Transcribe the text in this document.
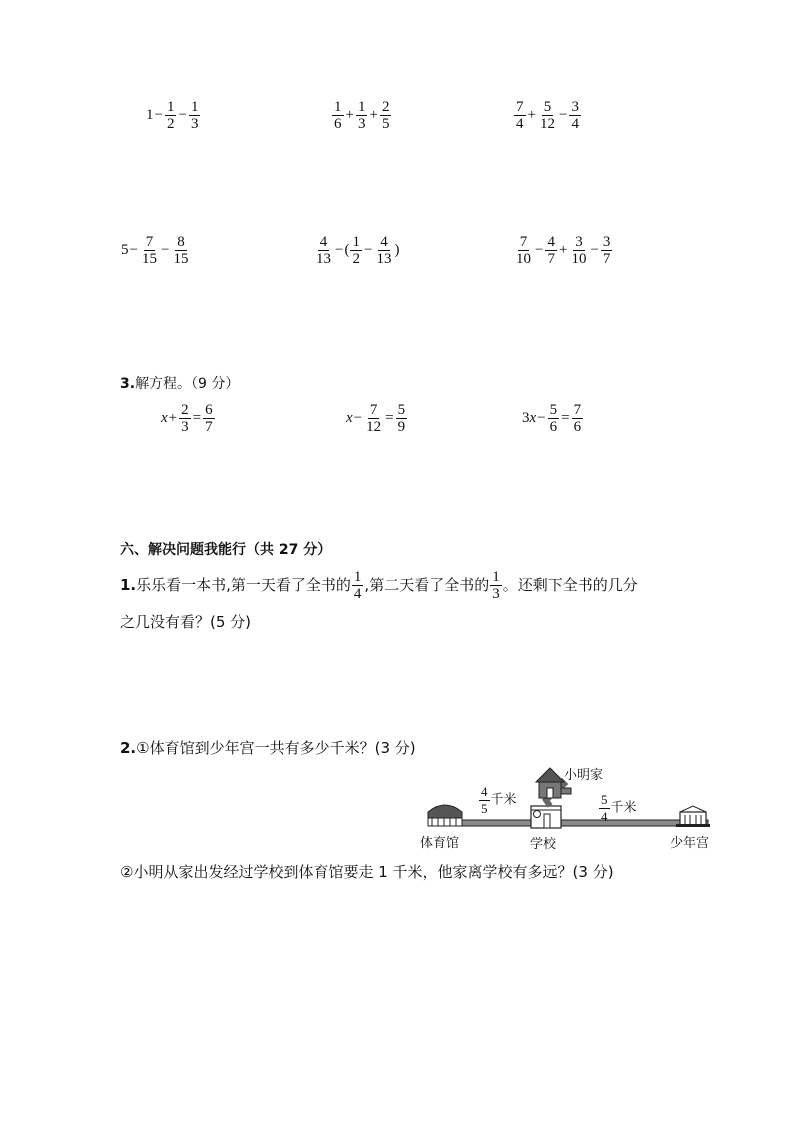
$1- \frac{1}{2} - \frac{1}{3}$	$\frac{1}{6} + \frac{1}{3} + \frac{2}{5}$	$\frac{7}{4} + \frac{5}{12} - \frac{3}{4}$
$5- \frac{7}{15} - \frac{8}{15}$	$\frac{4}{13}$ −( $\frac{1}{2} - \frac{4}{13}$ )	$\frac{7}{10} - \frac{4}{7} + \frac{3}{10} - \frac{3}{7}$
3.解方程。（9 分）
$x+ \frac{2}{3} = \frac{6}{7}$	$x- \frac{7}{12} = \frac{5}{9}$	$3x- \frac{5}{6} = \frac{7}{6}$
六、解决问题我能行（共 27 分）
1.乐乐看一本书,第一天看了全书的 $\frac{1}{4}$ ,第二天看了全书的 $\frac{1}{3}$ 。还剩下全书的几分
之几没有看？(5 分)
2.①体育馆到少年宫一共有多少千米？(3 分)
小明家
体育馆	学校	少年宫
$\frac{4}{5}$ 千米	$\frac{5}{4}$ 千米
②小明从家出发经过学校到体育馆要走 1 千米，他家离学校有多远？(3 分)
